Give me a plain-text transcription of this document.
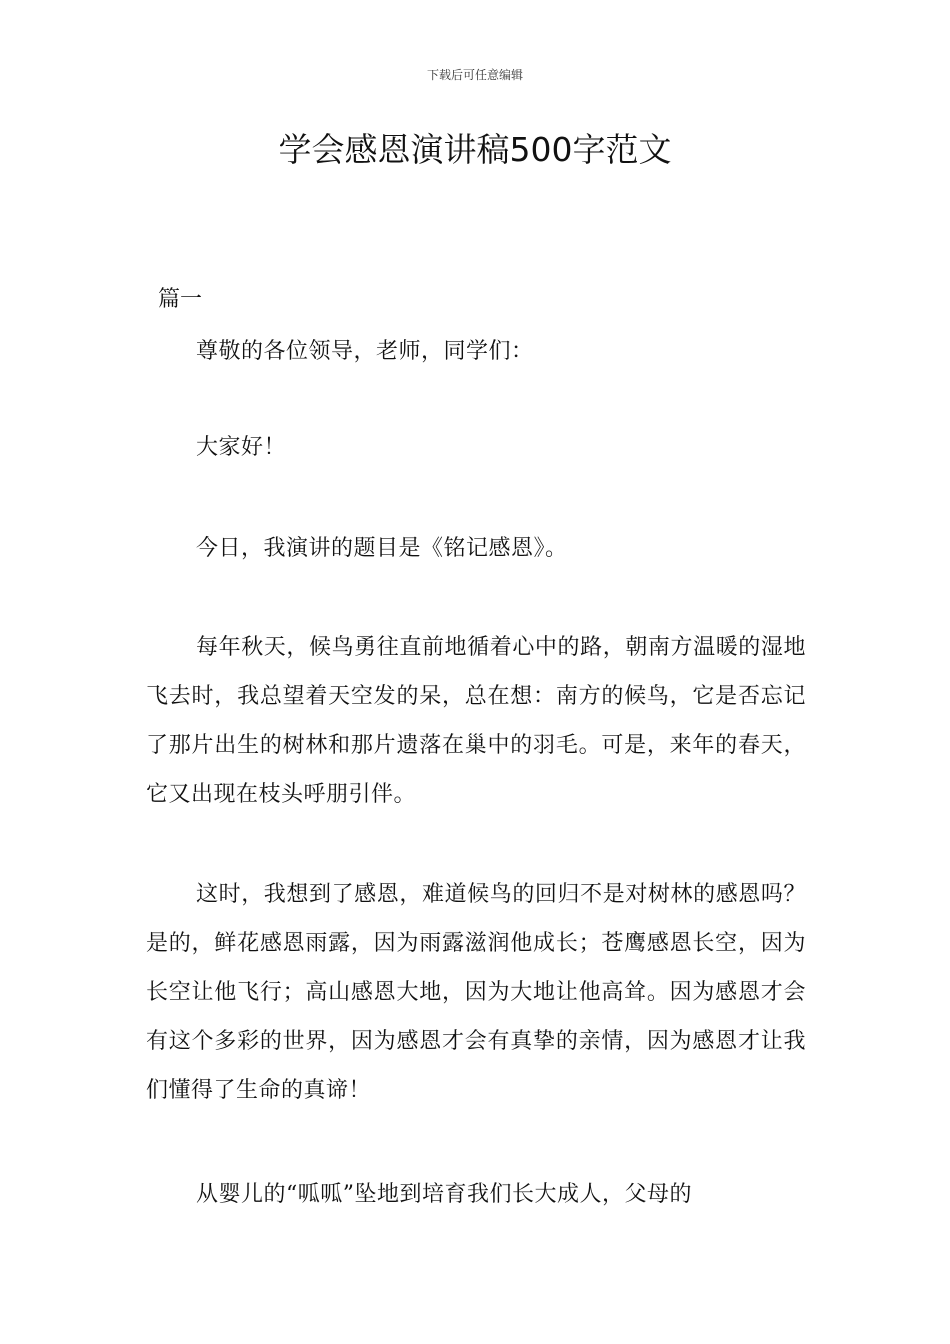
下载后可任意编辑
学会感恩演讲稿500字范文
篇一

尊敬的各位领导，老师，同学们：

大家好！

今日，我演讲的题目是《铭记感恩》。

每年秋天，候鸟勇往直前地循着心中的路，朝南方温暖的湿地飞去时，我总望着天空发的呆，总在想：南方的候鸟，它是否忘记了那片出生的树林和那片遗落在巢中的羽毛。可是，来年的春天，它又出现在枝头呼朋引伴。

这时，我想到了感恩，难道候鸟的回归不是对树林的感恩吗？是的，鲜花感恩雨露，因为雨露滋润他成长；苍鹰感恩长空，因为长空让他飞行；高山感恩大地，因为大地让他高耸。因为感恩才会有这个多彩的世界，因为感恩才会有真挚的亲情，因为感恩才让我们懂得了生命的真谛！

从婴儿的“呱呱”坠地到培育我们长大成人，父母的
